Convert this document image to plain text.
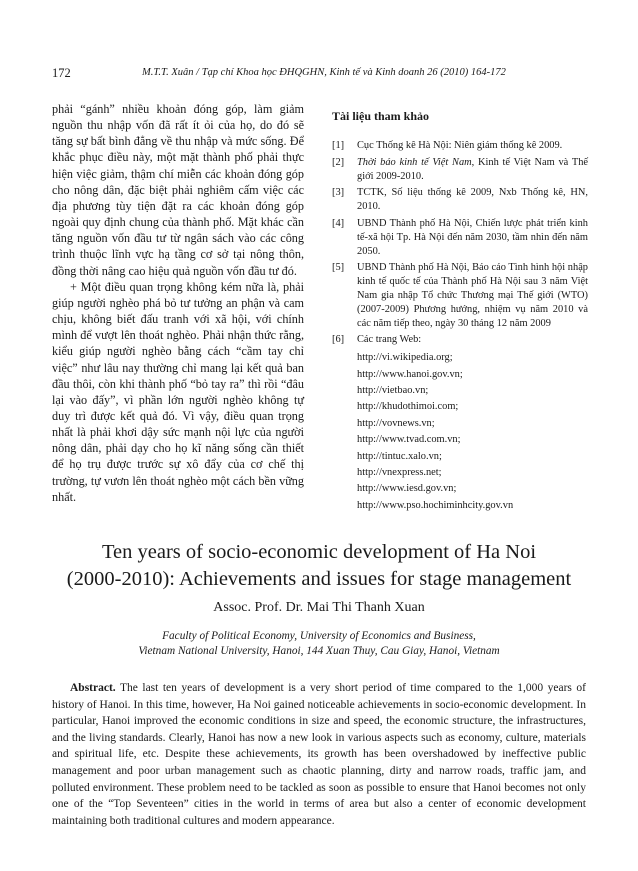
172	M.T.T. Xuân / Tạp chí Khoa học ĐHQGHN, Kinh tế và Kinh doanh 26 (2010) 164-172

phải “gánh” nhiều khoản đóng góp, làm giảm nguồn thu nhập vốn đã rất ít ỏi của họ, do đó sẽ tăng sự bất bình đẳng về thu nhập và mức sống. Để khắc phục điều này, một mặt thành phố phải thực hiện việc giảm, thậm chí miễn các khoản đóng góp cho nông dân, đặc biệt phải nghiêm cấm việc các địa phương tùy tiện đặt ra các khoản đóng góp ngoài quy định chung của thành phố. Mặt khác cần tăng nguồn vốn đầu tư từ ngân sách vào các công trình thuộc lĩnh vực hạ tầng cơ sở tại nông thôn, đồng thời nâng cao hiệu quả nguồn vốn đầu tư đó.

+ Một điều quan trọng không kém nữa là, phải giúp người nghèo phá bỏ tư tưởng an phận và cam chịu, không biết đấu tranh với xã hội, với chính mình để vượt lên thoát nghèo. Phải nhận thức rằng, kiểu giúp người nghèo bằng cách “cầm tay chỉ việc” như lâu nay thường chỉ mang lại kết quả ban đầu thôi, còn khi thành phố “bỏ tay ra” thì rồi “đâu lại vào đấy”, vì phần lớn người nghèo không tự duy trì được kết quả đó. Vì vậy, điều quan trọng nhất là phải khơi dậy sức mạnh nội lực của người nông dân, phải dạy cho họ kĩ năng sống cần thiết để họ trụ được trước sự xô đẩy của cơ chế thị trường, tự vươn lên thoát nghèo một cách bền vững nhất.

Tài liệu tham khảo
[1]	Cục Thống kê Hà Nội: Niên giám thống kê 2009.
[2]	Thời báo kinh tế Việt Nam, Kinh tế Việt Nam và Thế giới 2009-2010.
[3]	TCTK, Số liệu thống kê 2009, Nxb Thống kê, HN, 2010.
[4]	UBND Thành phố Hà Nội, Chiến lược phát triển kinh tế-xã hội Tp. Hà Nội đến năm 2030, tầm nhìn đến năm 2050.
[5]	UBND Thành phố Hà Nội, Báo cáo Tình hình hội nhập kinh tế quốc tế của Thành phố Hà Nội sau 3 năm Việt Nam gia nhập Tổ chức Thương mại Thế giới (WTO) (2007-2009) Phương hướng, nhiệm vụ năm 2010 và các năm tiếp theo, ngày 30 tháng 12 năm 2009
[6]	Các trang Web:
http://vi.wikipedia.org;
http://www.hanoi.gov.vn;
http://vietbao.vn;
http://khudothimoi.com;
http://vovnews.vn;
http://www.tvad.com.vn;
http://tintuc.xalo.vn;
http://vnexpress.net;
http://www.iesd.gov.vn;
http://www.pso.hochiminhcity.gov.vn
Ten years of socio-economic development of Ha Noi
(2000-2010): Achievements and issues for stage management
Assoc. Prof. Dr. Mai Thi Thanh Xuan
Faculty of Political Economy, University of Economics and Business,
Vietnam National University, Hanoi, 144 Xuan Thuy, Cau Giay, Hanoi, Vietnam
Abstract. The last ten years of development is a very short period of time compared to the 1,000 years of history of Hanoi. In this time, however, Ha Noi gained noticeable achievements in socio-economic development. In particular, Hanoi improved the economic conditions in size and speed, the economic structure, the infrastructures, and the living standards. Clearly, Hanoi has now a new look in various aspects such as economy, culture, materials and spiritual life, etc. Despite these achievements, its growth has been overshadowed by ineffective public management and poor urban management such as chaotic planning, dirty and narrow roads, traffic jam, and polluted environment. These problem need to be tackled as soon as possible to ensure that Hanoi becomes not only one of the “Top Seventeen” cities in the world in terms of area but also a center of economic development maintaining both traditional cultures and modern appearance.
